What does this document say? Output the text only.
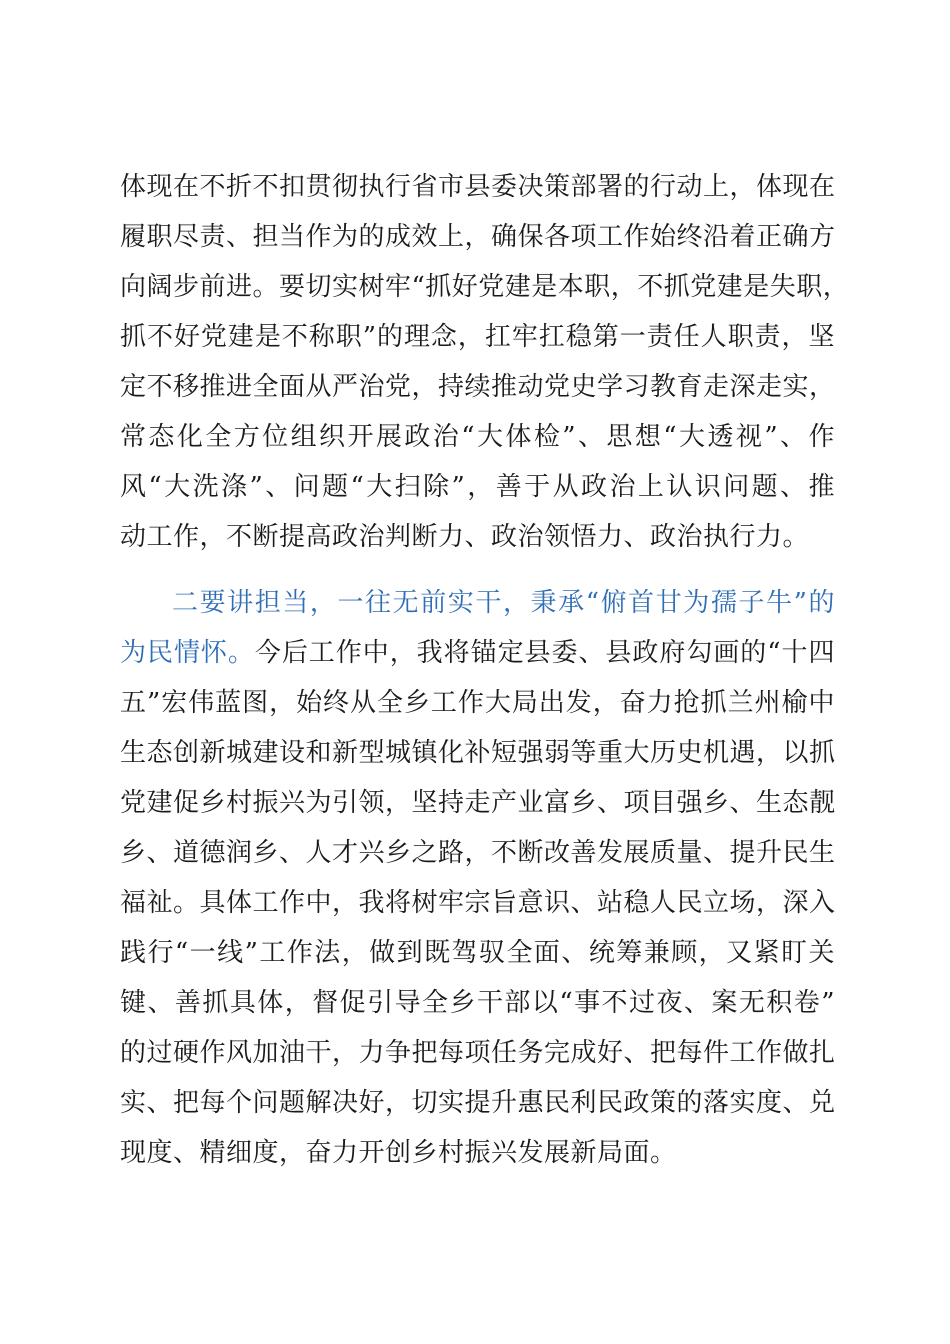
体现在不折不扣贯彻执行省市县委决策部署的行动上，体现在
履职尽责、担当作为的成效上，确保各项工作始终沿着正确方
向阔步前进。要切实树牢“抓好党建是本职，不抓党建是失职，
抓不好党建是不称职”的理念，扛牢扛稳第一责任人职责，坚
定不移推进全面从严治党，持续推动党史学习教育走深走实，
常态化全方位组织开展政治“大体检”、思想“大透视”、作
风“大洗涤”、问题“大扫除”，善于从政治上认识问题、推
动工作，不断提高政治判断力、政治领悟力、政治执行力。
二要讲担当，一往无前实干，秉承“俯首甘为孺子牛”的
为民情怀。今后工作中，我将锚定县委、县政府勾画的“十四
五”宏伟蓝图，始终从全乡工作大局出发，奋力抢抓兰州榆中
生态创新城建设和新型城镇化补短强弱等重大历史机遇，以抓
党建促乡村振兴为引领，坚持走产业富乡、项目强乡、生态靓
乡、道德润乡、人才兴乡之路，不断改善发展质量、提升民生
福祉。具体工作中，我将树牢宗旨意识、站稳人民立场，深入
践行“一线”工作法，做到既驾驭全面、统筹兼顾，又紧盯关
键、善抓具体，督促引导全乡干部以“事不过夜、案无积卷”
的过硬作风加油干，力争把每项任务完成好、把每件工作做扎
实、把每个问题解决好，切实提升惠民利民政策的落实度、兑
现度、精细度，奋力开创乡村振兴发展新局面。
